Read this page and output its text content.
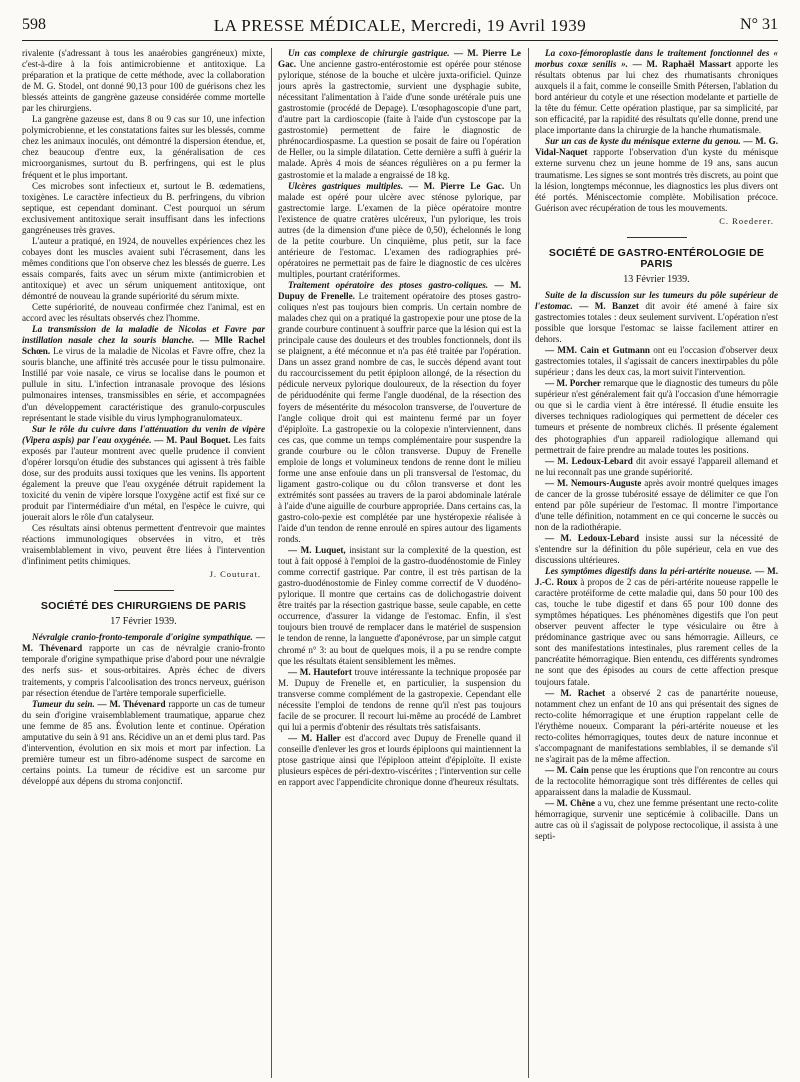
598	LA PRESSE MÉDICALE, Mercredi, 19 Avril 1939	N° 31

rivalente (s'adressant à tous les anaérobies gangréneux) mixte, c'est-à-dire à la fois antimicrobienne et antitoxique. La préparation et la pratique de cette méthode, avec la collaboration de M. G. Stodel, ont donné 90,13 pour 100 de guérisons chez les blessés atteints de gangrène gazeuse considérée comme mortelle par les chirurgiens.

La gangrène gazeuse est, dans 8 ou 9 cas sur 10, une infection polymicrobienne, et les constatations faites sur les blessés, comme chez les animaux inoculés, ont démontré la dispersion étendue, et, chez beaucoup d'entre eux, la généralisation de ces microorganismes, surtout du B. perfringens, qui est le plus fréquent et le plus important.

Ces microbes sont infectieux et, surtout le B. œdematiens, toxigènes. Le caractère infectieux du B. perfringens, du vibrion septique, est cependant dominant. C'est pourquoi un sérum exclusivement antitoxique serait insuffisant dans les infections gangréneuses très graves.

L'auteur a pratiqué, en 1924, de nouvelles expériences chez les cobayes dont les muscles avaient subi l'écrasement, dans les mêmes conditions que l'on observe chez les blessés de guerre. Les essais comparés, faits avec un sérum mixte (antimicrobien et antitoxique) et avec un sérum uniquement antitoxique, ont démontré de nouveau la grande supériorité du sérum mixte.

Cette supériorité, de nouveau confirmée chez l'animal, est en accord avec les résultats observés chez l'homme.

La transmission de la maladie de Nicolas et Favre par instillation nasale chez la souris blanche. — Mlle Rachel Schœn. Le virus de la maladie de Nicolas et Favre offre, chez la souris blanche, une affinité très accusée pour le tissu pulmonaire. Instillé par voie nasale, ce virus se localise dans le poumon et pullule in situ. L'infection intranasale provoque des lésions pulmonaires intenses, transmissibles en série, et accompagnées d'un développement caractéristique des granulo-corpuscules représentant le stade visible du virus lymphogranulomateux.

Sur le rôle du cuivre dans l'atténuation du venin de vipère (Vipera aspis) par l'eau oxygénée. — M. Paul Boquet. Les faits exposés par l'auteur montrent avec quelle prudence il convient d'opérer lorsqu'on étudie des substances qui agissent à très faible dose, sur des produits aussi toxiques que les venins. Ils apportent également la preuve que l'eau oxygénée détruit rapidement la toxicité du venin de vipère lorsque l'oxygène actif est fixé sur ce produit par l'intermédiaire d'un métal, en l'espèce le cuivre, qui jouerait alors le rôle d'un catalyseur.

Ces résultats ainsi obtenus permettent d'entrevoir que maintes réactions immunologiques observées in vitro, et très vraisemblablement in vivo, peuvent être liées à l'intervention d'infiniment petits chimiques.

J. Couturat.
SOCIÉTÉ DES CHIRURGIENS DE PARIS
17 Février 1939.

Névralgie cranio-fronto-temporale d'origine sympathique. — M. Thévenard rapporte un cas de névralgie cranio-fronto temporale d'origine sympathique prise d'abord pour une névralgie des nerfs sus- et sous-orbitaires. Après échec de divers traitements, y compris l'alcoolisation des troncs nerveux, guérison par résection étendue de l'artère temporale superficielle.

Tumeur du sein. — M. Thévenard rapporte un cas de tumeur du sein d'origine vraisemblablement traumatique, apparue chez une femme de 85 ans. Évolution lente et continue. Opération amputative du sein à 91 ans. Récidive un an et demi plus tard. Pas d'intervention, évolution en six mois et mort par infection. La première tumeur est un fibro-adénome suspect de sarcome en certains points. La tumeur de récidive est un sarcome pur développé aux dépens du stroma conjonctif.

Un cas complexe de chirurgie gastrique. — M. Pierre Le Gac. Une ancienne gastro-entérostomie est opérée pour sténose pylorique, sténose de la bouche et ulcère juxta-orificiel. Quinze jours après la gastrectomie, survient une dysphagie subite, nécessitant l'alimentation à l'aide d'une sonde urétérale puis une gastrostomie (procédé de Depage). L'œsophagoscopie d'une part, d'autre part la cardioscopie (faite à l'aide d'un cystoscope par la gastrostomie) permettent de faire le diagnostic de phrénocardiospasme. La question se posait de faire ou l'opération de Heller, ou la simple dilatation. Cette dernière a suffi à guérir la malade. Après 4 mois de séances régulières on a pu fermer la gastrostomie et la malade a engraissé de 18 kg.

Ulcères gastriques multiples. — M. Pierre Le Gac. Un malade est opéré pour ulcère avec sténose pylorique, par gastrectomie large. L'examen de la pièce opératoire montre l'existence de quatre cratères ulcéreux, l'un pylorique, les trois autres (de la dimension d'une pièce de 0,50), échelonnés le long de la petite courbure. Un cinquième, plus petit, sur la face antérieure de l'estomac. L'examen des radiographies pré-opératoires ne permettait pas de faire le diagnostic de ces ulcères multiples, pourtant cratériformes.

Traitement opératoire des ptoses gastro-coliques. — M. Dupuy de Frenelle. Le traitement opératoire des ptoses gastro-coliques n'est pas toujours bien compris. Un certain nombre de malades chez qui on a pratiqué la gastropexie pour une ptose de la grande courbure continuent à souffrir parce que la lésion qui est la principale cause des douleurs et des troubles fonctionnels, dont ils se plaignent, a été méconnue et n'a pas été traitée par l'opération. Dans un assez grand nombre de cas, le succès dépend avant tout du raccourcissement du petit épiploon allongé, de la résection du pédicule nerveux pylorique douloureux, de la résection du foyer de périduodénite qui ferme l'angle duodénal, de la résection des foyers de mésentérite du mésocolon transverse, de l'ouverture de l'angle colique droit qui est maintenu fermé par un foyer d'épiploïte. La gastropexie ou la colopexie n'interviennent, dans ces cas, que comme un temps complémentaire pour suspendre la grande courbure ou le côlon transverse. Dupuy de Frenelle emploie de longs et volumineux tendons de renne dont le milieu forme une anse enfouie dans un pli transversal de l'estomac, du ligament gastro-colique ou du côlon transverse et dont les extrémités sont passées au travers de la paroi abdominale latérale à l'aide d'une aiguille de courbure appropriée. Dans certains cas, la gastro-colo-pexie est complétée par une hystéropexie réalisée à l'aide d'un tendon de renne enroulé en spires autour des ligaments ronds.

— M. Luquet, insistant sur la complexité de la question, est tout à fait opposé à l'emploi de la gastro-duodénostomie de Finley comme correctif gastrique. Par contre, il est très partisan de la gastro-duodénostomie de Finley comme correctif de V duodéno-pylorique. Il montre que certains cas de dolichogastrie doivent être traités par la résection gastrique basse, seule capable, en cette occurrence, d'assurer la vidange de l'estomac. Enfin, il s'est toujours bien trouvé de remplacer dans le matériel de suspension le tendon de renne, la languette d'aponévrose, par un simple catgut chromé n° 3: au bout de quelques mois, il a pu se rendre compte que les résultats étaient sensiblement les mêmes.

— M. Hautefort trouve intéressante la technique proposée par M. Dupuy de Frenelle et, en particulier, la suspension du transverse comme complément de la gastropexie. Cependant elle nécessite l'emploi de tendons de renne qu'il n'est pas toujours facile de se procurer. Il recourt lui-même au procédé de Lambret qui lui a permis d'obtenir des résultats très satisfaisants.

— M. Haller est d'accord avec Dupuy de Frenelle quand il conseille d'enlever les gros et lourds épiploons qui maintiennent la ptose gastrique ainsi que l'épiploon atteint d'épiploïte. Il existe plusieurs espèces de péri-dextro-viscérites ; l'intervention sur celle en rapport avec l'appendicite chronique donne d'heureux résultats.

La coxo-fémoroplastie dans le traitement fonctionnel des « morbus coxæ senilis ». — M. Raphaël Massart apporte les résultats obtenus par lui chez des rhumatisants chroniques auxquels il a fait, comme le conseille Smith Pétersen, l'ablation du bord antérieur du cotyle et une résection modelante et partielle de la tête du fémur. Cette opération plastique, par sa simplicité, par son efficacité, par la rapidité des résultats qu'elle donne, prend une place importante dans la chirurgie de la hanche rhumatismale.

Sur un cas de kyste du ménisque externe du genou. — M. G. Vidal-Naquet rapporte l'observation d'un kyste du ménisque externe survenu chez un jeune homme de 19 ans, sans aucun traumatisme. Les signes se sont montrés très discrets, au point que la lésion, longtemps méconnue, les diagnostics les plus divers ont été portés. Méniscectomie complète. Mobilisation précoce. Guérison avec récupération de tous les mouvements.

C. Roederer.
SOCIÉTÉ DE GASTRO-ENTÉROLOGIE DE PARIS
13 Février 1939.

Suite de la discussion sur les tumeurs du pôle supérieur de l'estomac. — M. Banzet dit avoir été amené à faire six gastrectomies totales : deux seulement survivent. L'opération n'est possible que lorsque l'estomac se laisse facilement attirer en dehors.

— MM. Cain et Gutmann ont eu l'occasion d'observer deux gastrectomies totales, il s'agissait de cancers inextirpables du pôle supérieur ; dans les deux cas, la mort suivit l'intervention.

— M. Porcher remarque que le diagnostic des tumeurs du pôle supérieur n'est généralement fait qu'à l'occasion d'une hémorragie ou que si le cardia vient à être intéressé. Il étudie ensuite les diverses techniques radiologiques qui permettent de déceler ces tumeurs et présente de nombreux clichés. Il présente également des photographies d'un appareil radiologique allemand qui permettrait de faire prendre au malade toutes les positions.

— M. Ledoux-Lebard dit avoir essayé l'appareil allemand et ne lui reconnaît pas une grande supériorité.

— M. Nemours-Auguste après avoir montré quelques images de cancer de la grosse tubérosité essaye de délimiter ce que l'on entend par pôle supérieur de l'estomac. Il montre l'importance d'une telle définition, notamment en ce qui concerne le succès ou non de la radiothérapie.

— M. Ledoux-Lebard insiste aussi sur la nécessité de s'entendre sur la définition du pôle supérieur, cela en vue des discussions ultérieures.

Les symptômes digestifs dans la péri-artérite noueuse. — M. J.-C. Roux à propos de 2 cas de péri-artérite noueuse rappelle le caractère protéiforme de cette maladie qui, dans 50 pour 100 des cas, touche le tube digestif et dans 65 pour 100 donne des symptômes hépatiques. Les phénomènes digestifs que l'on peut observer peuvent affecter le type vésiculaire ou être à prédominance gastrique avec ou sans hémorragie. Ailleurs, ce sont des manifestations intestinales, plus rarement celles de la pancréatite hémorragique. Bien entendu, ces différents syndromes ne sont que des épisodes au cours de cette affection presque toujours fatale.

— M. Rachet a observé 2 cas de panartérite noueuse, notamment chez un enfant de 10 ans qui présentait des signes de recto-colite hémorragique et une éruption rappelant celle de l'érythème noueux. Comparant la péri-artérite noueuse et les recto-colites hémorragiques, toutes deux de nature inconnue et s'accompagnant de manifestations semblables, il se demande s'il ne s'agirait pas de la même affection.

— M. Cain pense que les éruptions que l'on rencontre au cours de la rectocolite hémorragique sont très différentes de celles qui apparaissent dans la maladie de Kussmaul.

— M. Chêne a vu, chez une femme présentant une recto-colite hémorragique, survenir une septicémie à colibacille. Dans un autre cas où il s'agissait de polypose rectocolique, il assista à une septi-
